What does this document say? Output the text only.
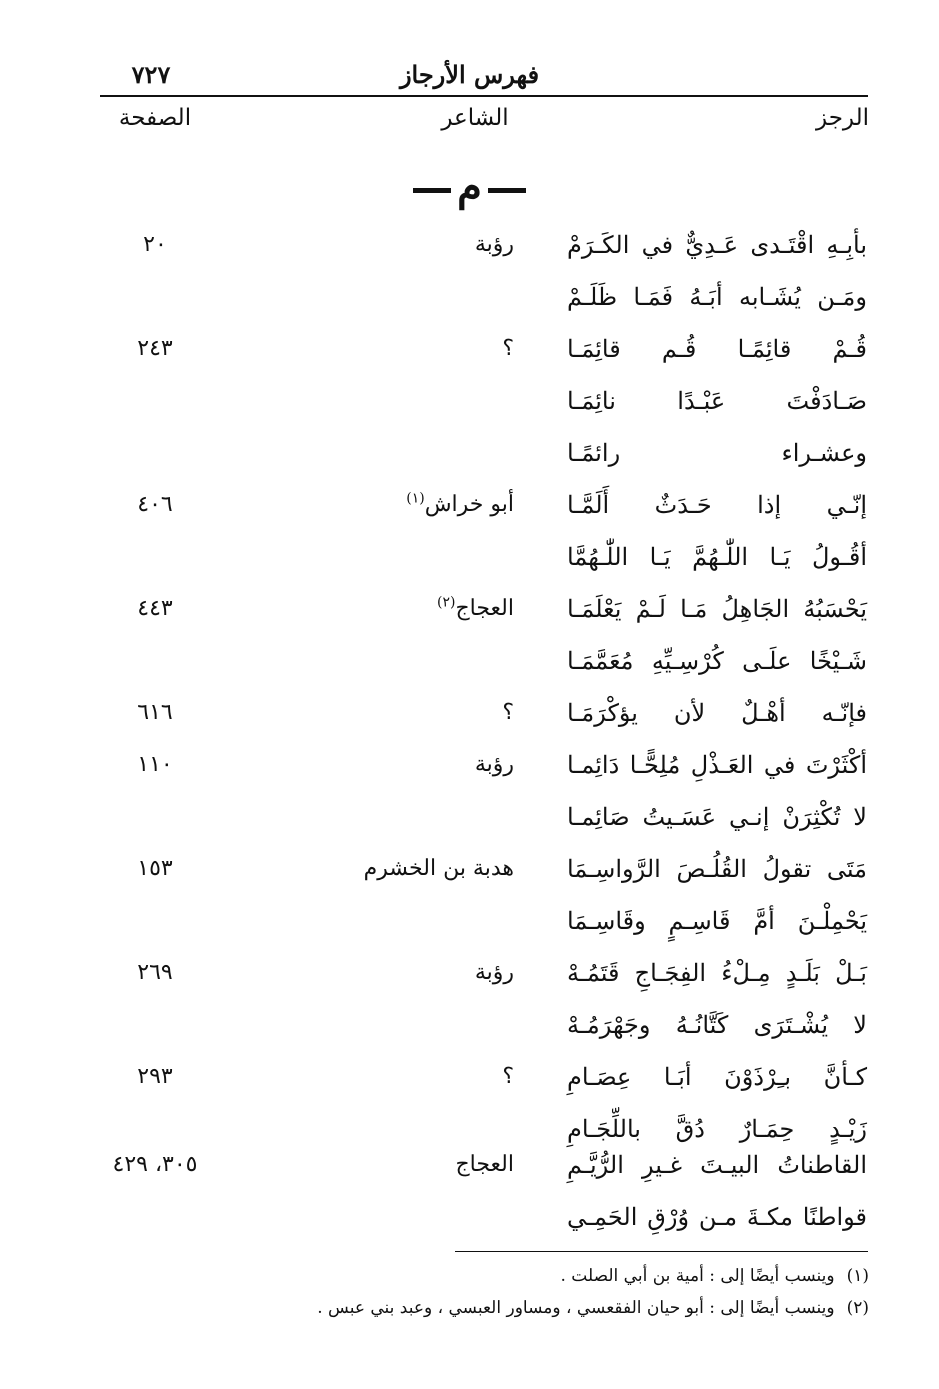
فهرس الأرجاز
٧٢٧
الرجز
الشاعر
الصفحة
م
بأبِـهِ اقْتَـدى عَـدِيٌّ في الكَـرَمْ
رؤبة
٢٠
ومَـن يُشَـابه أبَـهُ فَمَـا ظَلَـمْ
قُـمْ قائِمًـا قُـم قائِمَـا
؟
٢٤٣
صَـادَفْتَ عَبْـدًا نائِمَـا
وعشـراء رائمًـا
إنّـي إذا حَـدَثٌ أَلَمَّـا
أبو خراش$^{(١)}$
٤٠٦
أقُـولُ يَـا اللّٰـهُمَّ يَـا اللّٰـهُمَّا
يَحْسَبُهُ الجَاهِلُ مَـا لَـمْ يَعْلَمَـا
العجاج$^{(٢)}$
٤٤٣
شَـيْخًا علَـى كُرْسِـيِّهِ مُعَمَّمَـا
فإنّـه أهْـلٌ لأن يؤكْرَمَـا
؟
٦١٦
أكْثَرْتَ في العَـذْلِ مُلِحًّـا دَائِمـا
رؤبة
١١٠
لا تُكْثِرَنْ إنـي عَسَـيتُ صَائِمـا
مَتَى تقولُ القُلُـصَ الرَّواسِـمَا
هدبة بن الخشرم
١٥٣
يَحْمِلْـنَ أمَّ قَاسِـمٍ وقَاسِـمَا
بَـلْ بَلَـدٍ مِـلْءُ الفِجَـاجِ قَتَمُـهْ
رؤبة
٢٦٩
لا يُشْـتَرَى كَتَّانُـهُ وجَهْرَمُـهْ
كـأنَّ بـِرْذَوْنَ أبَـا عِصَـامِ
؟
٢٩٣
زَيْـدٍ حِمَـارٌ دُقَّ باللِّجَـامِ
القاطناتُ البيـتَ غـيرِ الرُّيَّـمِ
العجاج
٣٠٥، ٤٢٩
قواطنًا مكـةَ مـن وُرْقِ الحَمِـي
(١)وينسب أيضًا إلى : أمية بن أبي الصلت .
(٢)وينسب أيضًا إلى : أبو حيان الفقعسي ، ومساور العبسي ، وعبد بني عبس .
